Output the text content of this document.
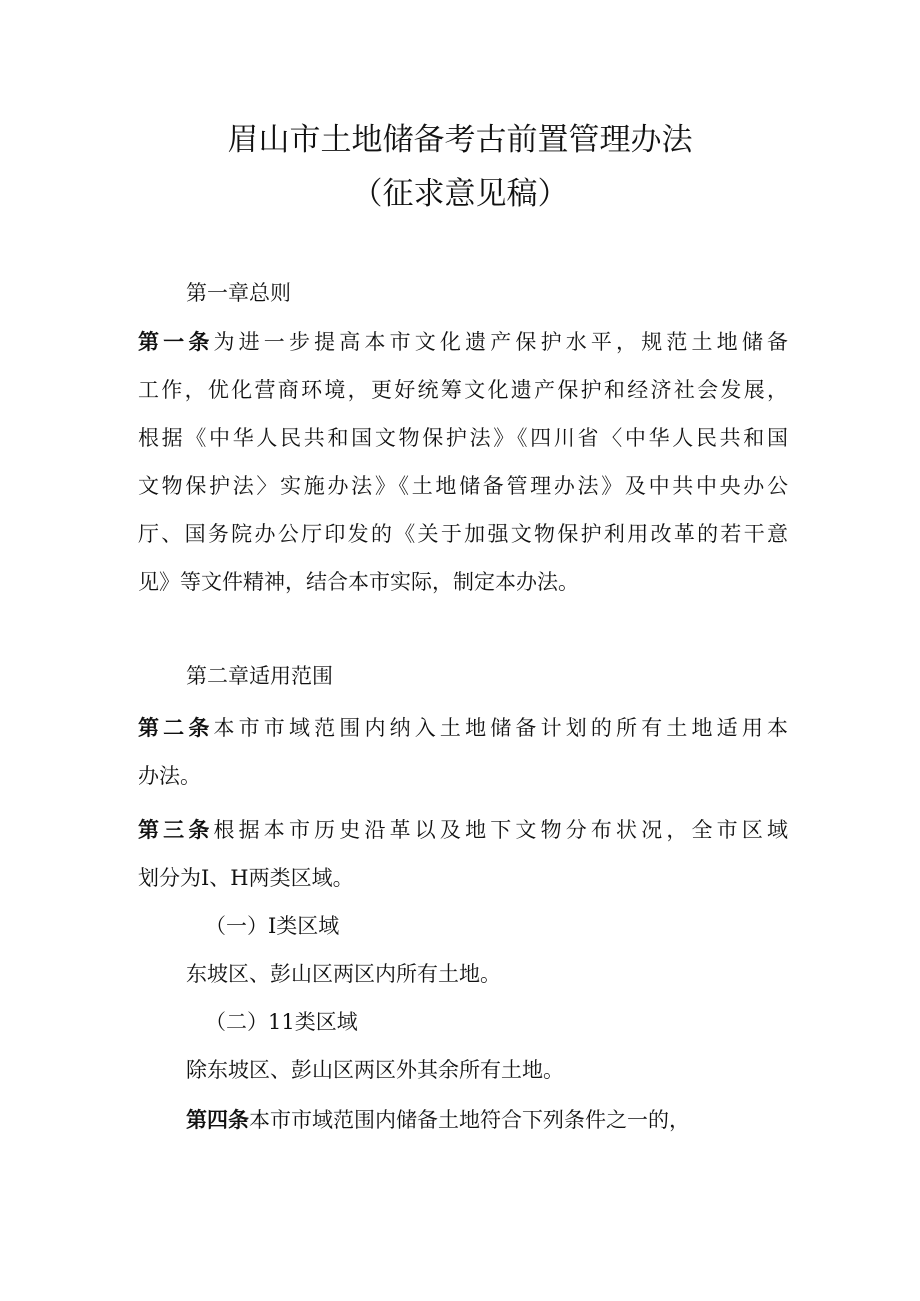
眉山市土地储备考古前置管理办法
（征求意见稿）
第一章总则
第一条为进一步提高本市文化遗产保护水平，规范土地储备
工作，优化营商环境，更好统筹文化遗产保护和经济社会发展，
根据《中华人民共和国文物保护法》《四川省〈中华人民共和国
文物保护法〉实施办法》《土地储备管理办法》及中共中央办公
厅、国务院办公厅印发的《关于加强文物保护利用改革的若干意
见》等文件精神，结合本市实际，制定本办法。
第二章适用范围
第二条本市市域范围内纳入土地储备计划的所有土地适用本
办法。
第三条根据本市历史沿革以及地下文物分布状况，全市区域
划分为I、H两类区域。
（一）I类区域
东坡区、彭山区两区内所有土地。
（二）11类区域
除东坡区、彭山区两区外其余所有土地。
第四条本市市域范围内储备土地符合下列条件之一的，
